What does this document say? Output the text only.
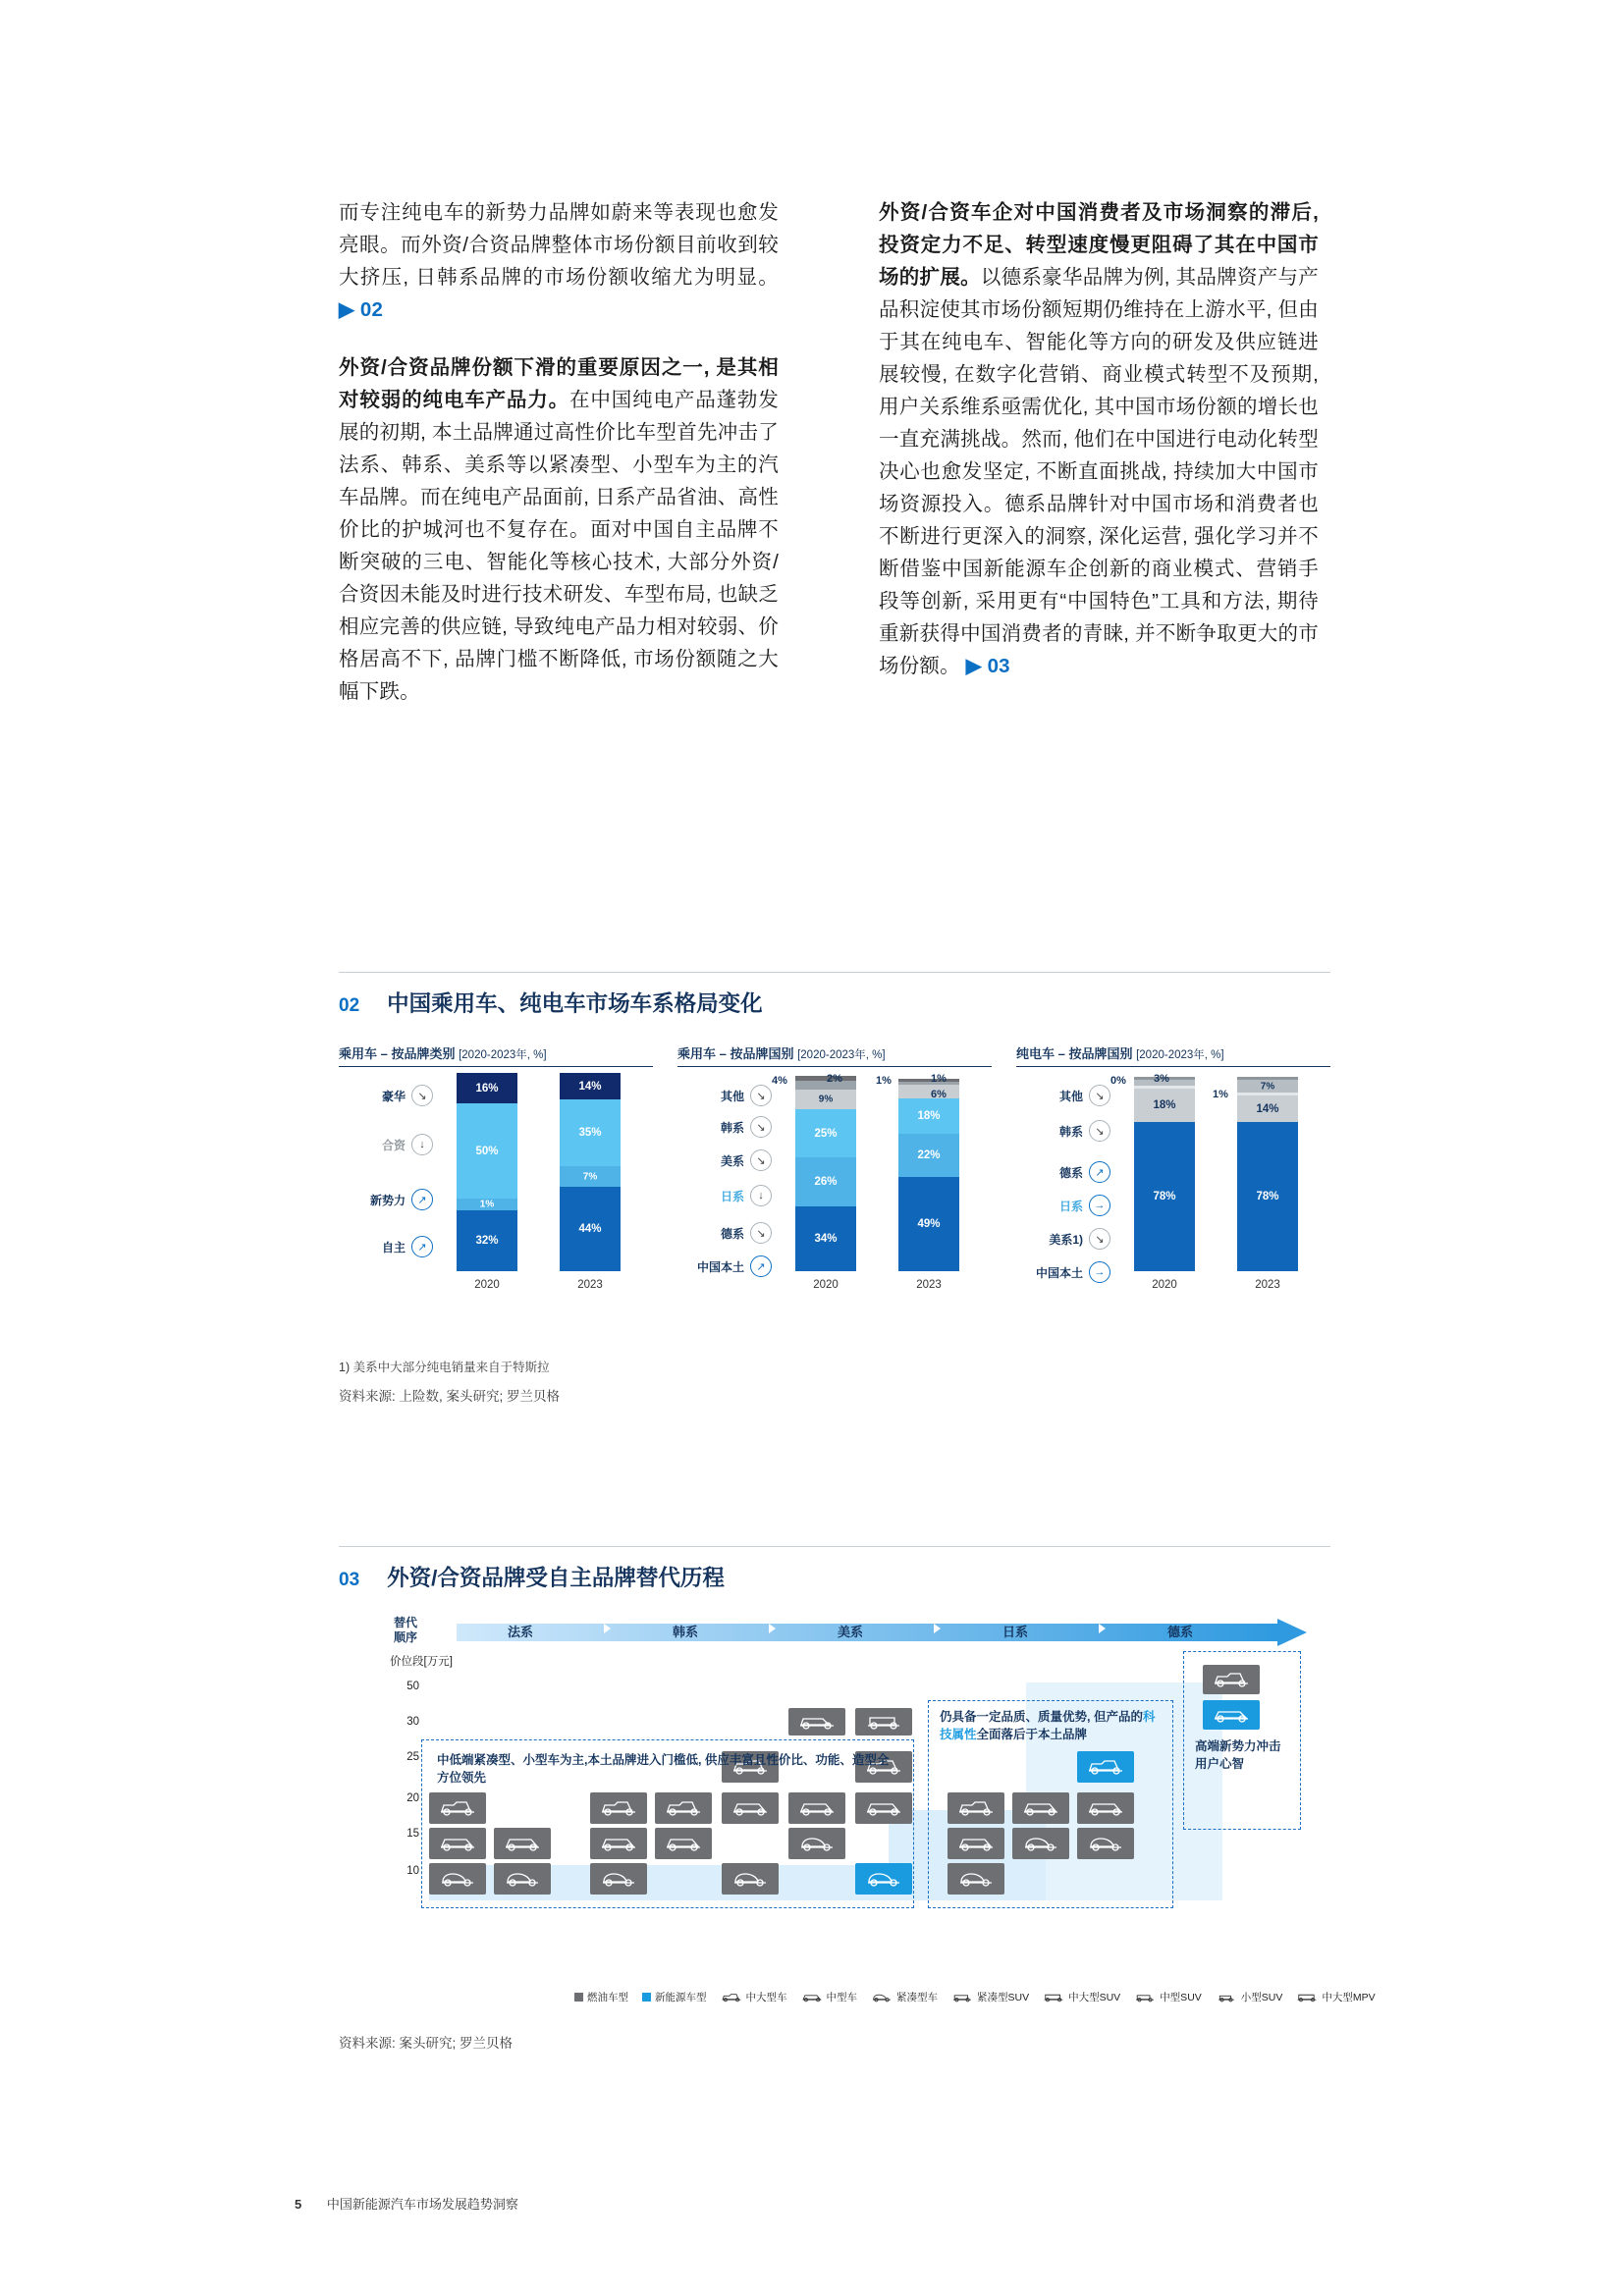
而专注纯电车的新势力品牌如蔚来等表现也愈发亮眼。而外资/合资品牌整体市场份额目前收到较大挤压, 日韩系品牌的市场份额收缩尤为明显。 ▶ 02

外资/合资品牌份额下滑的重要原因之一, 是其相对较弱的纯电车产品力。在中国纯电产品蓬勃发展的初期, 本土品牌通过高性价比车型首先冲击了法系、韩系、美系等以紧凑型、小型车为主的汽车品牌。而在纯电产品面前, 日系产品省油、高性价比的护城河也不复存在。面对中国自主品牌不断突破的三电、智能化等核心技术, 大部分外资/合资因未能及时进行技术研发、车型布局, 也缺乏相应完善的供应链, 导致纯电产品力相对较弱、价格居高不下, 品牌门槛不断降低, 市场份额随之大幅下跌。

外资/合资车企对中国消费者及市场洞察的滞后, 投资定力不足、转型速度慢更阻碍了其在中国市场的扩展。以德系豪华品牌为例, 其品牌资产与产品积淀使其市场份额短期仍维持在上游水平, 但由于其在纯电车、智能化等方向的研发及供应链进展较慢, 在数字化营销、商业模式转型不及预期, 用户关系维系亟需优化, 其中国市场份额的增长也一直充满挑战。然而, 他们在中国进行电动化转型决心也愈发坚定, 不断直面挑战, 持续加大中国市场资源投入。德系品牌针对中国市场和消费者也不断进行更深入的洞察, 深化运营, 强化学习并不断借鉴中国新能源车企创新的商业模式、营销手段等创新, 采用更有“中国特色”工具和方法, 期待重新获得中国消费者的青睐, 并不断争取更大的市场份额。 ▶ 03

02 中国乘用车、纯电车市场车系格局变化
乘用车 – 按品牌类别 [2020-2023年, %]
豪华	↘
合资	↓
新势力	↗
自主	↗
16%
50%
1%
32%
2020
14%
35%
7%
44%
2023
乘用车 – 按品牌国别 [2020-2023年, %]
其他	↘
韩系	↘
美系	↘
日系	↓
德系	↘
中国本土	↗
9%
25%
26%
34%
2020
4%	2%
18%
22%
49%
2023
1%	1%
6%
纯电车 – 按品牌国别 [2020-2023年, %]
其他	↘
韩系	↘
德系	↗
日系	→
美系1)	↘
中国本土	→
18%
78%
2020
0%	3%
7%
14%
78%
2023
1%
1) 美系中大部分纯电销量来自于特斯拉
资料来源: 上险数, 案头研究; 罗兰贝格
03 外资/合资品牌受自主品牌替代历程
替代
顺序	法系	韩系	美系	日系	德系
价位段[万元]
50
30
25
20
15
10
中低端紧凑型、小型车为主,本土品牌进入门槛低, 供应丰富且性价比、功能、造型全方位领先
仍具备一定品质、质量优势, 但产品的科技属性全面落后于本土品牌
高端新势力冲击用户心智
燃油车型	新能源车型	中大型车	中型车	紧凑型车	紧凑型SUV	中大型SUV	中型SUV	小型SUV	中大型MPV
资料来源: 案头研究; 罗兰贝格
5 中国新能源汽车市场发展趋势洞察
